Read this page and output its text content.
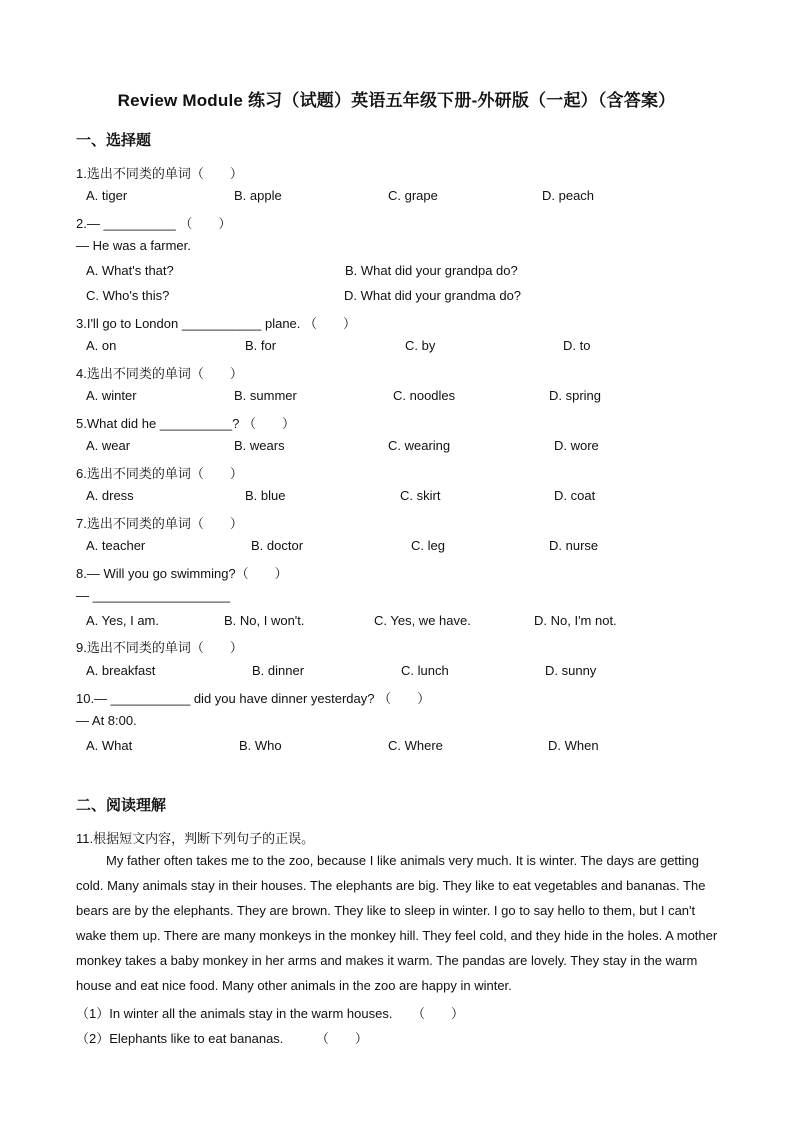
Review Module 练习（试题）英语五年级下册-外研版（一起）（含答案）
一、选择题
1.选出不同类的单词（　　）
A. tiger	B. apple	C. grape	D. peach
2.— __________ （　　）
— He was a farmer.
A. What's that?	B. What did your grandpa do?
C. Who's this?	D. What did your grandma do?
3.I'll go to London ___________ plane. （　　）
A. on	B. for	C. by	D. to
4.选出不同类的单词（　　）
A. winter	B. summer	C. noodles	D. spring
5.What did he __________? （　　）
A. wear	B. wears	C. wearing	D. wore
6.选出不同类的单词（　　）
A. dress	B. blue	C. skirt	D. coat
7.选出不同类的单词（　　）
A. teacher	B. doctor	C. leg	D. nurse
8.— Will you go swimming?（　　）
— ___________________
A. Yes, I am.	B. No, I won't.	C. Yes, we have.	D. No, I'm not.
9.选出不同类的单词（　　）
A. breakfast	B. dinner	C. lunch	D. sunny
10.— ___________ did you have dinner yesterday? （　　）
— At 8:00.
A. What	B. Who	C. Where	D. When
二、阅读理解
11.根据短文内容，判断下列句子的正误。
My father often takes me to the zoo, because I like animals very much. It is winter. The days are getting
cold. Many animals stay in their houses. The elephants are big. They like to eat vegetables and bananas. The
bears are by the elephants. They are brown. They like to sleep in winter. I go to say hello to them, but I can't
wake them up. There are many monkeys in the monkey hill. They feel cold, and they hide in the holes. A mother
monkey takes a baby monkey in her arms and makes it warm. The pandas are lovely. They stay in the warm
house and eat nice food. Many other animals in the zoo are happy in winter.
（1）In winter all the animals stay in the warm houses.　　（　　）
（2）Elephants like to eat bananas.　　　（　　）
